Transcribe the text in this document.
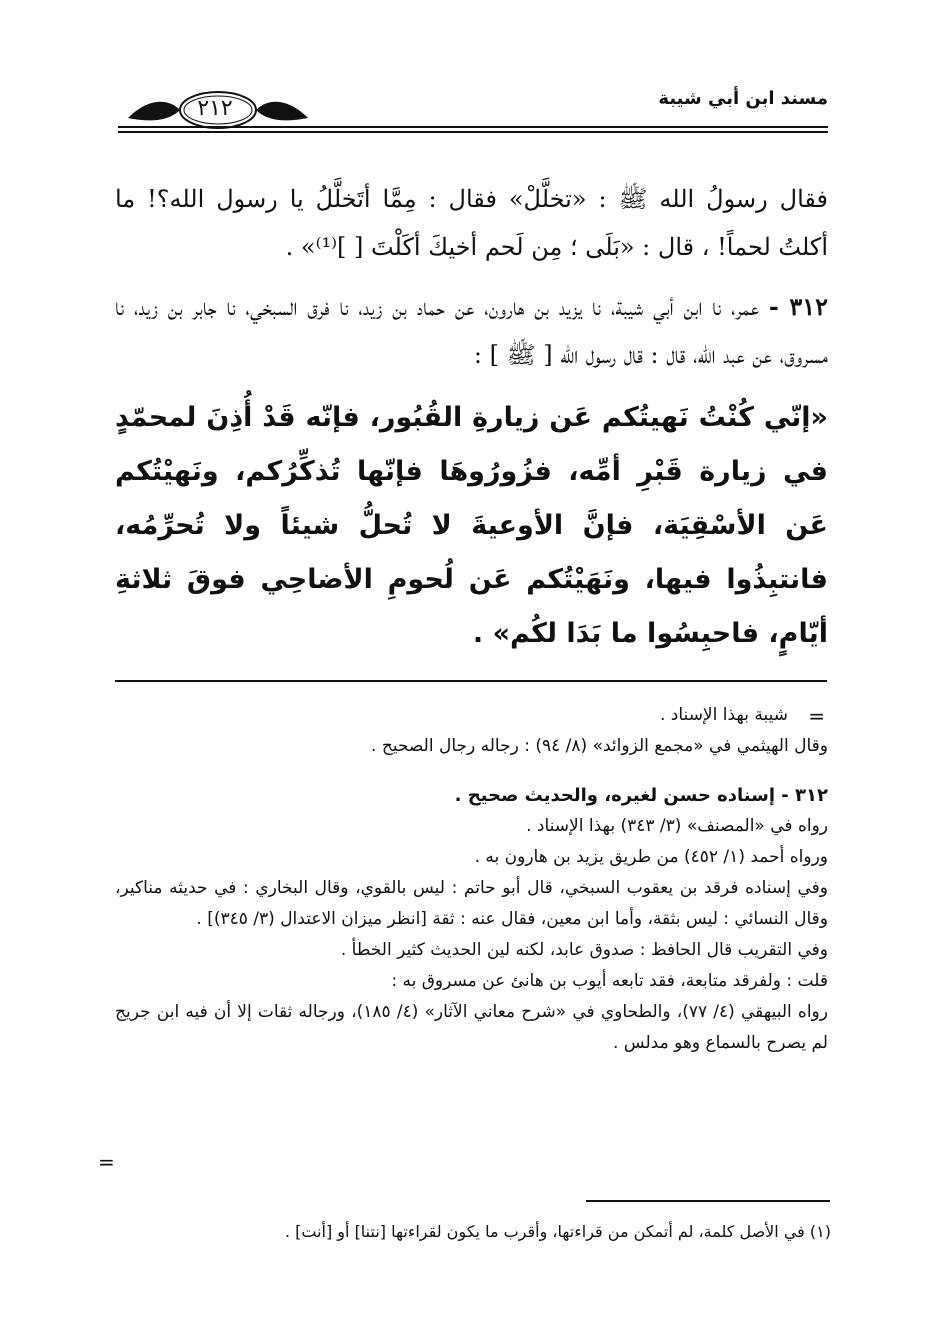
مسند ابن أبي شيبة
٢١٢

فقال رسولُ الله ﷺ : «تخلَّلْ» فقال : مِمَّا أتَخلَّلُ يا رسول الله؟! ما أكلتُ لحماً! ، قال : «بَلَى ؛ مِن لَحم أخيكَ أكَلْتَ [ ]⁽¹⁾» .

٣١٢ - عمر، نا ابن أبي شيبة، نا يزيد بن هارون، عن حماد بن زيد، نا فرق السبخي، نا جابر بن زيد، نا مسروق، عن عبد الله، قال : قال رسول الله [ ﷺ ] :

«إنّي كُنْتُ نَهيتُكم عَن زيارةِ القُبُور، فإنّه قَدْ أُذِنَ لمحمّدٍ في زيارة قَبْرِ أمِّه، فزُورُوهَا فإنّها تُذكِّرُكم، ونَهيْتُكم عَن الأسْقِيَة، فإنَّ الأوعيةَ لا تُحلُّ شيئاً ولا تُحرِّمُه، فانتبِذُوا فيها، ونَهَيْتُكم عَن لُحومِ الأضاحِي فوقَ ثلاثةِ أيّامٍ، فاحبِسُوا ما بَدَا لكُم» .

=

شيبة بهذا الإسناد .

وقال الهيثمي في «مجمع الزوائد» (٨/ ٩٤) : رجاله رجال الصحيح .

٣١٢ - إسناده حسن لغيره، والحديث صحيح .

رواه في «المصنف» (٣/ ٣٤٣) بهذا الإسناد .

ورواه أحمد (١/ ٤٥٢) من طريق يزيد بن هارون به .

وفي إسناده فرقد بن يعقوب السبخي، قال أبو حاتم : ليس بالقوي، وقال البخاري : في حديثه مناكير، وقال النسائي : ليس بثقة، وأما ابن معين، فقال عنه : ثقة [انظر ميزان الاعتدال (٣/ ٣٤٥)] .

وفي التقريب قال الحافظ : صدوق عابد، لكنه لين الحديث كثير الخطأ .

قلت : ولفرقد متابعة، فقد تابعه أيوب بن هانئ عن مسروق به :

رواه البيهقي (٤/ ٧٧)، والطحاوي في «شرح معاني الآثار» (٤/ ١٨٥)، ورجاله ثقات إلا أن فيه ابن جريج لم يصرح بالسماع وهو مدلس .

=
(١) في الأصل كلمة، لم أتمكن من قراءتها، وأقرب ما يكون لقراءتها [نتنا] أو [أنت] .
